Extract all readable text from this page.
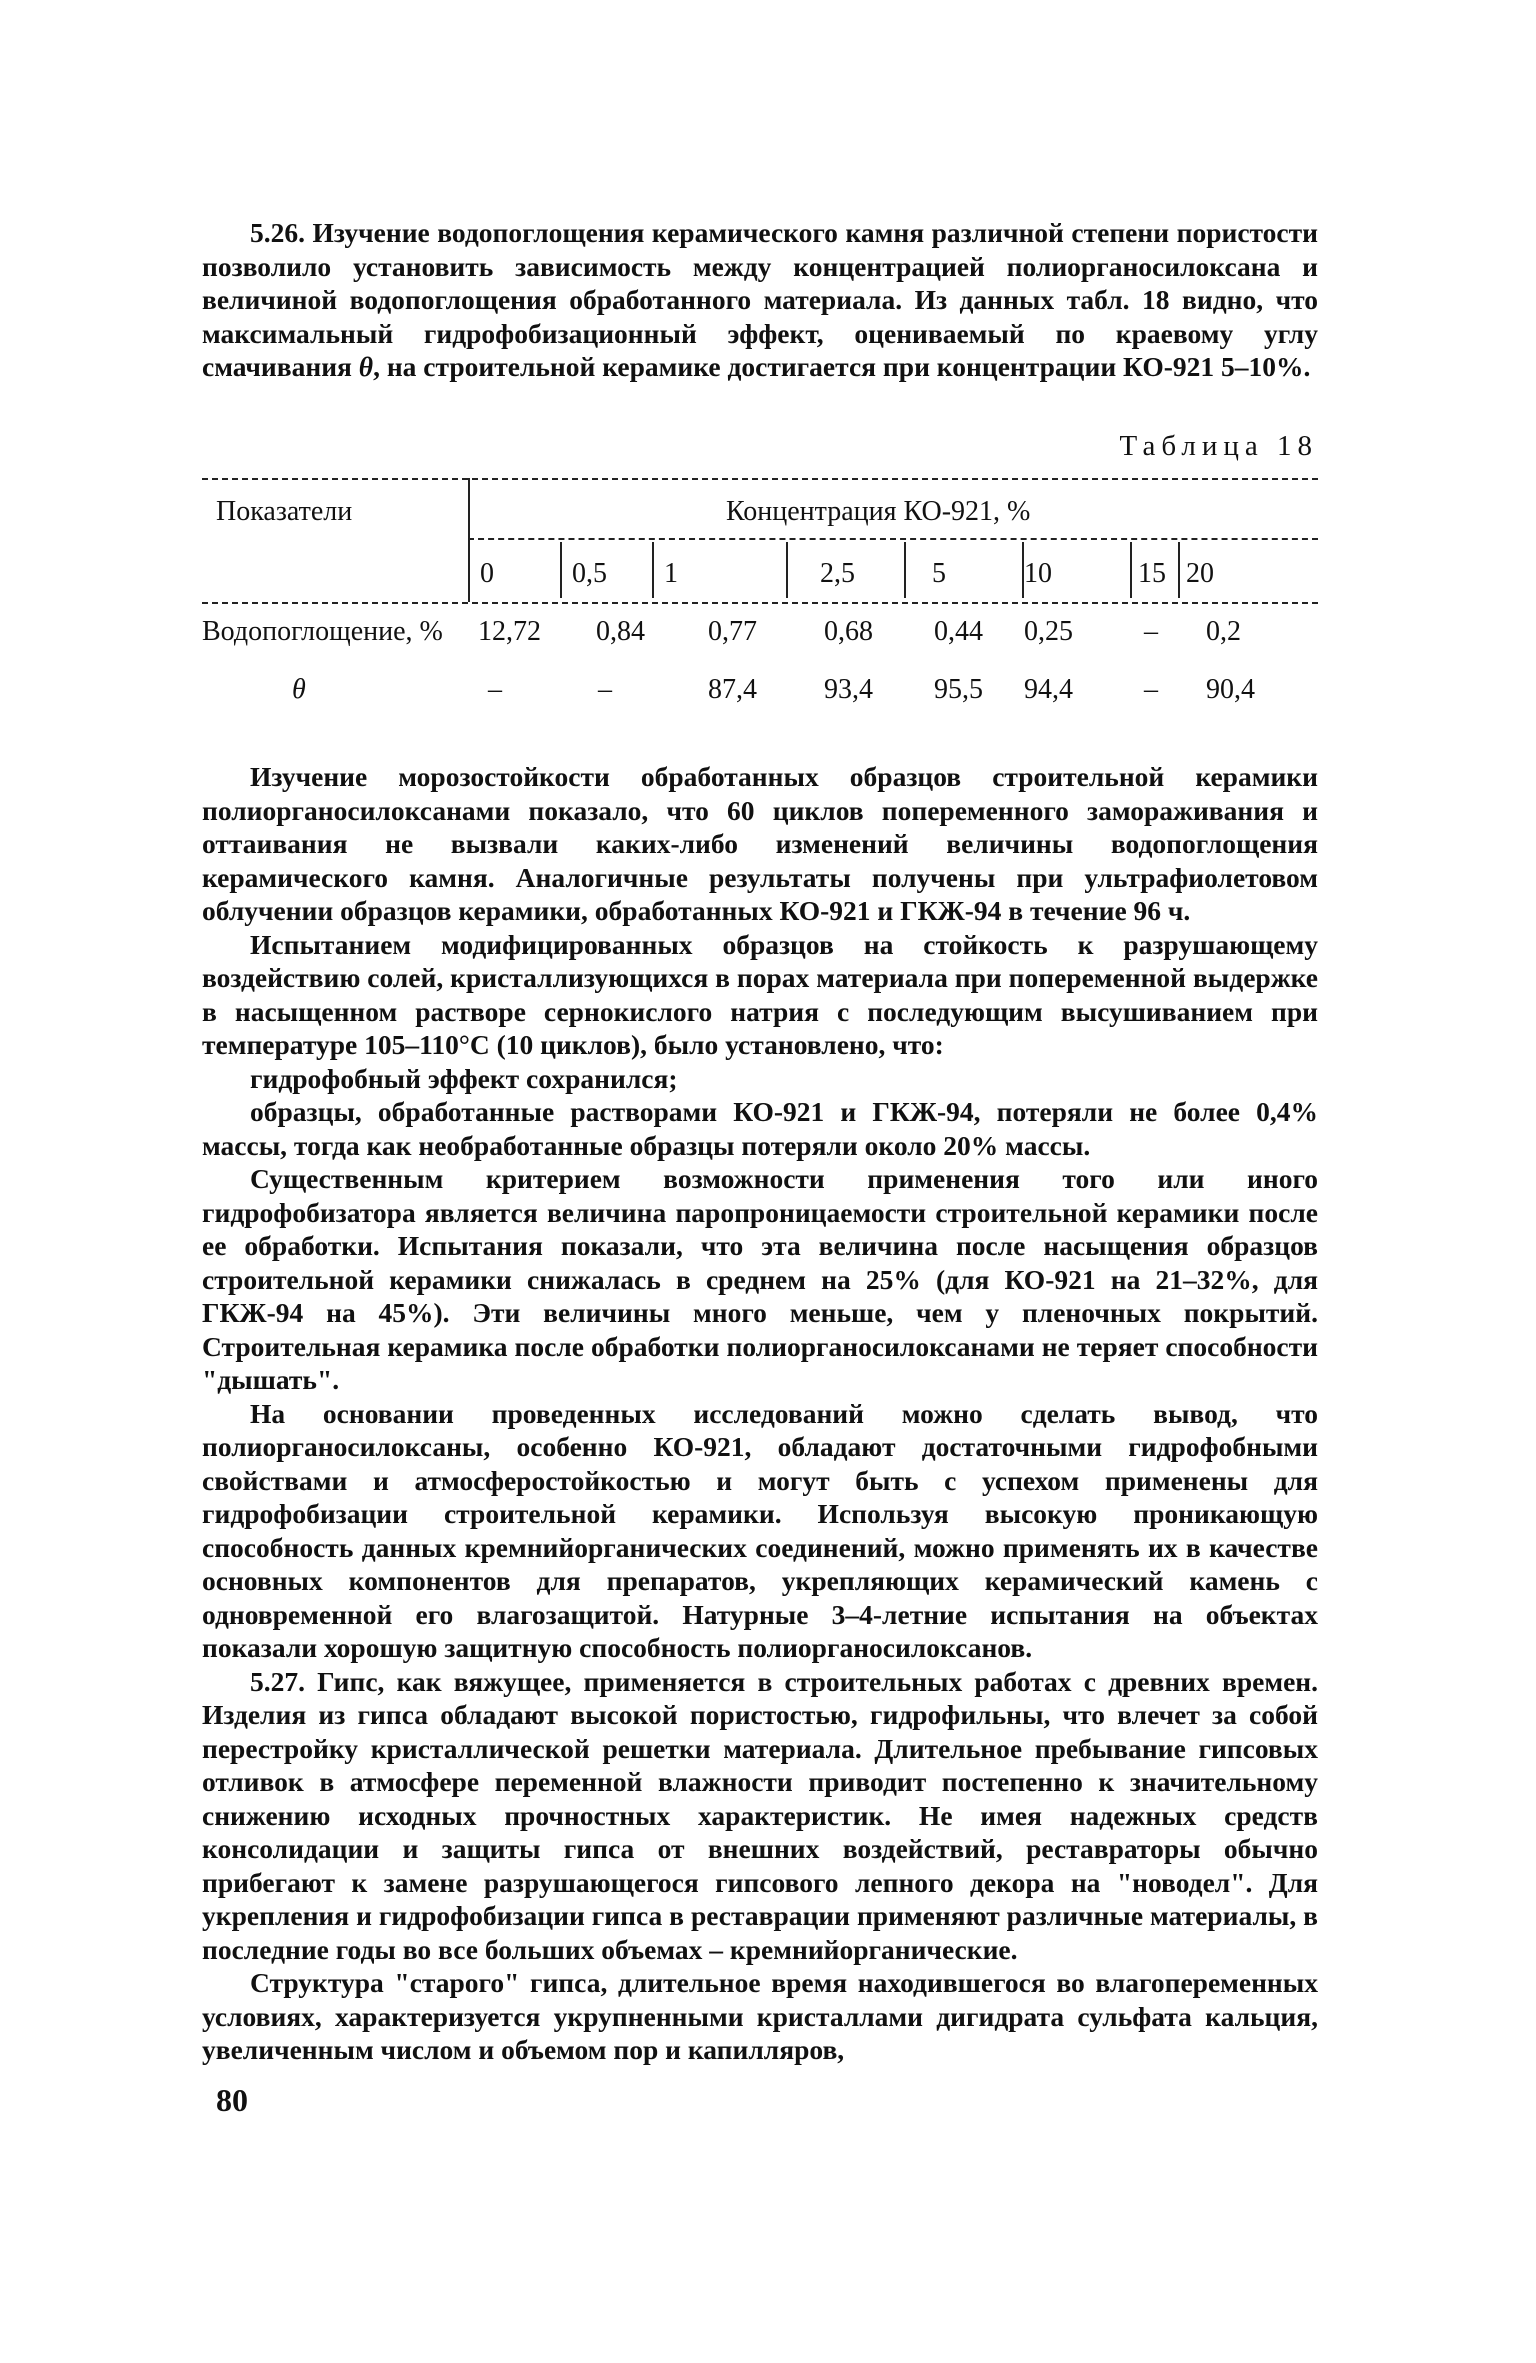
5.26. Изучение водопоглощения керамического камня различной степени пористости позволило установить зависимость между концентрацией полиорганосилоксана и величиной водопоглощения обработанного материала. Из данных табл. 18 видно, что максимальный гидрофобизационный эффект, оцениваемый по краевому углу смачивания θ, на строительной керамике достигается при концентрации КО-921 5–10%.

Таблица 18
Показатели	Концентрация КО-921, %
0	0,5 1	2,5	5	10	15 20
Водопоглощение, %	12,72 0,84 0,77 0,68 0,44 0,25	– 0,2
θ	–	–	87,4 93,4 95,5 94,4	– 90,4

Изучение морозостойкости обработанных образцов строительной керамики полиорганосилоксанами показало, что 60 циклов попеременного замораживания и оттаивания не вызвали каких-либо изменений величины водопоглощения керамического камня. Аналогичные результаты получены при ультрафиолетовом облучении образцов керамики, обработанных КО-921 и ГКЖ-94 в течение 96 ч.

Испытанием модифицированных образцов на стойкость к разрушающему воздействию солей, кристаллизующихся в порах материала при попеременной выдержке в насыщенном растворе сернокислого натрия с последующим высушиванием при температуре 105–110°С (10 циклов), было установлено, что:

гидрофобный эффект сохранился;

образцы, обработанные растворами КО-921 и ГКЖ-94, потеряли не более 0,4% массы, тогда как необработанные образцы потеряли около 20% массы.

Существенным критерием возможности применения того или иного гидрофобизатора является величина паропроницаемости строительной керамики после ее обработки. Испытания показали, что эта величина после насыщения образцов строительной керамики снижалась в среднем на 25% (для КО-921 на 21–32%, для ГКЖ-94 на 45%). Эти величины много меньше, чем у пленочных покрытий. Строительная керамика после обработки полиорганосилоксанами не теряет способности "дышать".

На основании проведенных исследований можно сделать вывод, что полиорганосилоксаны, особенно КО-921, обладают достаточными гидрофобными свойствами и атмосферостойкостью и могут быть с успехом применены для гидрофобизации строительной керамики. Используя высокую проникающую способность данных кремнийорганических соединений, можно применять их в качестве основных компонентов для препаратов, укрепляющих керамический камень с одновременной его влагозащитой. Натурные 3–4-летние испытания на объектах показали хорошую защитную способность полиорганосилоксанов.

5.27. Гипс, как вяжущее, применяется в строительных работах с древних времен. Изделия из гипса обладают высокой пористостью, гидрофильны, что влечет за собой перестройку кристаллической решетки материала. Длительное пребывание гипсовых отливок в атмосфере переменной влажности приводит постепенно к значительному снижению исходных прочностных характеристик. Не имея надежных средств консолидации и защиты гипса от внешних воздействий, реставраторы обычно прибегают к замене разрушающегося гипсового лепного декора на "новодел". Для укрепления и гидрофобизации гипса в реставрации применяют различные материалы, в последние годы во все больших объемах – кремнийорганические.

Структура "старого" гипса, длительное время находившегося во влагопеременных условиях, характеризуется укрупненными кристаллами дигидрата сульфата кальция, увеличенным числом и объемом пор и капилляров,

80
